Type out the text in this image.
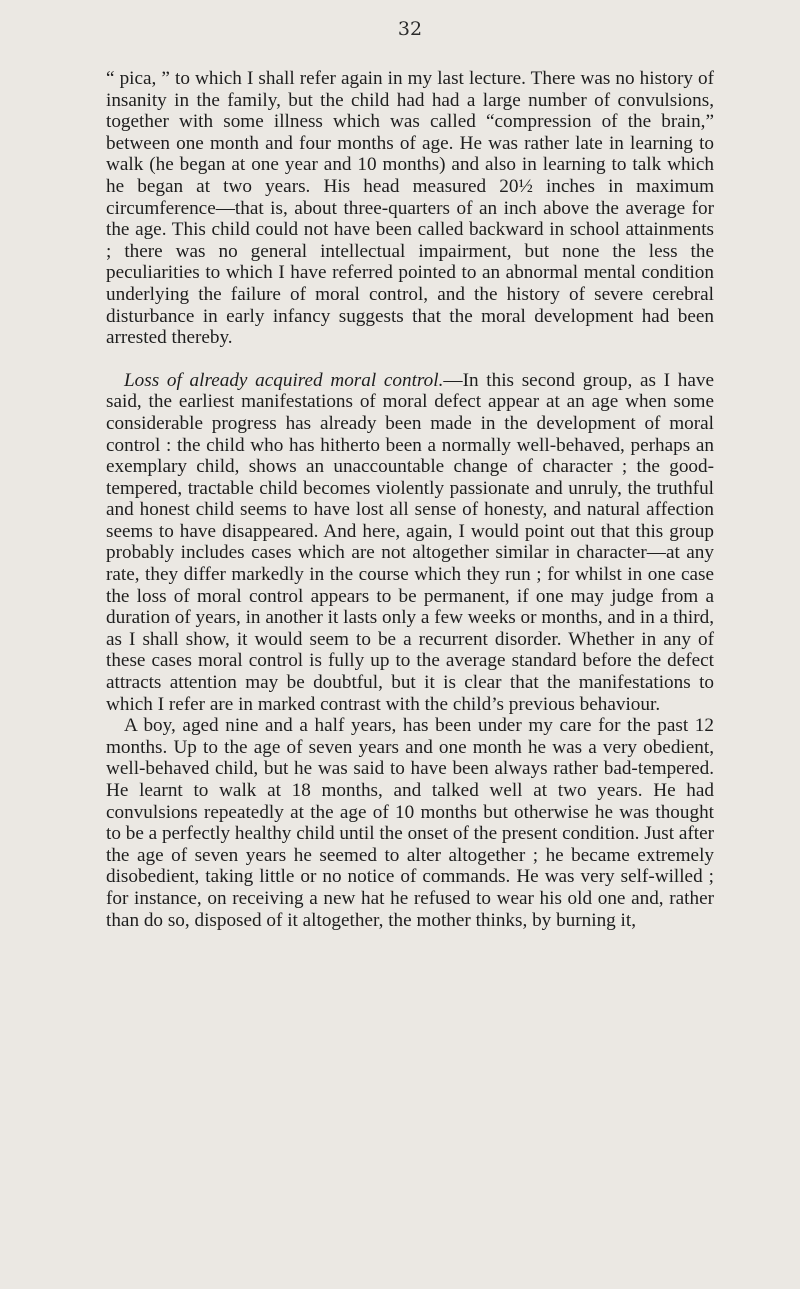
32

“ pica, ” to which I shall refer again in my last lecture. There was no history of insanity in the family, but the child had had a large number of convulsions, together with some illness which was called “compression of the brain,” between one month and four months of age. He was rather late in learning to walk (he began at one year and 10 months) and also in learning to talk which he began at two years. His head measured 20½ inches in maximum circumference—that is, about three-quarters of an inch above the average for the age. This child could not have been called backward in school attainments ; there was no general intellectual impairment, but none the less the peculiarities to which I have referred pointed to an abnormal mental condition underlying the failure of moral control, and the history of severe cerebral disturbance in early infancy suggests that the moral development had been arrested thereby.

Loss of already acquired moral control.—In this second group, as I have said, the earliest manifestations of moral defect appear at an age when some considerable progress has already been made in the development of moral control : the child who has hitherto been a normally well-behaved, perhaps an exemplary child, shows an unaccountable change of character ; the good-tempered, tractable child becomes violently passionate and unruly, the truthful and honest child seems to have lost all sense of honesty, and natural affection seems to have disappeared. And here, again, I would point out that this group probably includes cases which are not altogether similar in character—at any rate, they differ markedly in the course which they run ; for whilst in one case the loss of moral control appears to be permanent, if one may judge from a duration of years, in another it lasts only a few weeks or months, and in a third, as I shall show, it would seem to be a recurrent disorder. Whether in any of these cases moral control is fully up to the average standard before the defect attracts attention may be doubtful, but it is clear that the manifestations to which I refer are in marked contrast with the child’s previous behaviour.

A boy, aged nine and a half years, has been under my care for the past 12 months. Up to the age of seven years and one month he was a very obedient, well-behaved child, but he was said to have been always rather bad-tempered. He learnt to walk at 18 months, and talked well at two years. He had convulsions repeatedly at the age of 10 months but otherwise he was thought to be a perfectly healthy child until the onset of the present condition. Just after the age of seven years he seemed to alter altogether ; he became extremely disobedient, taking little or no notice of commands. He was very self-willed ; for instance, on receiving a new hat he refused to wear his old one and, rather than do so, disposed of it altogether, the mother thinks, by burning it,
